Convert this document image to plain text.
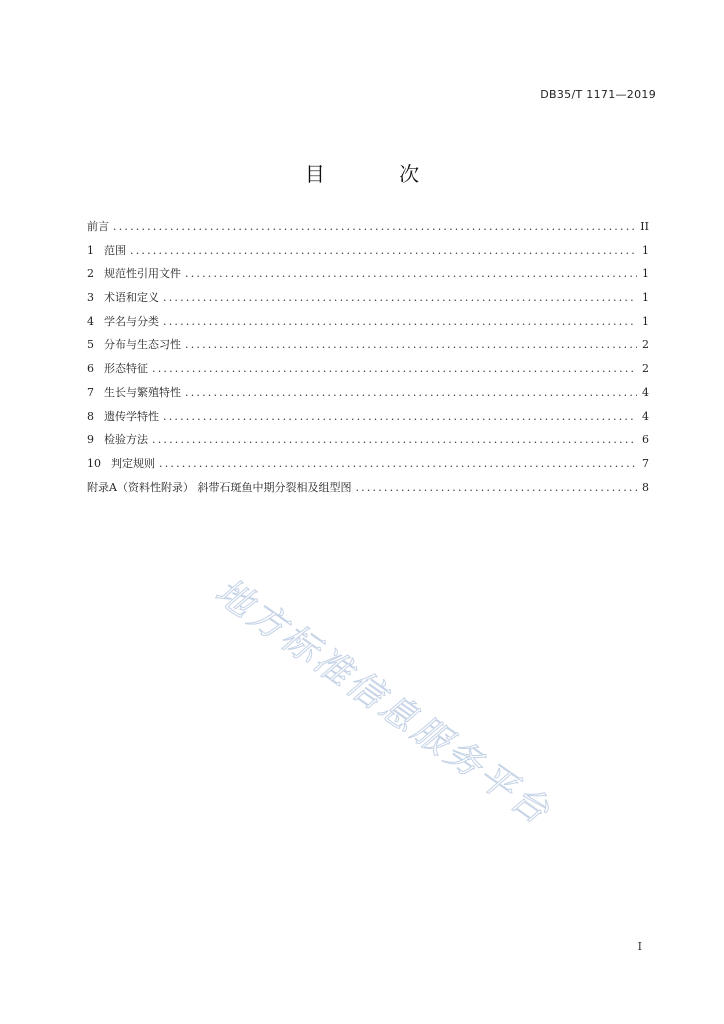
DB35/T 1171—2019
目 次
前言 .....	II
1 范围 .....	1
2 规范性引用文件 .....	1
3 术语和定义 .....	1
4 学名与分类 .....	1
5 分布与生态习性 .....	2
6 形态特征 .....	2
7 生长与繁殖特性 .....	4
8 遗传学特性 .....	4
9 检验方法 .....	6
10 判定规则 .....	7
附录A（资料性附录） 斜带石斑鱼中期分裂相及组型图 .....	8
地方标准信息服务平台
I
